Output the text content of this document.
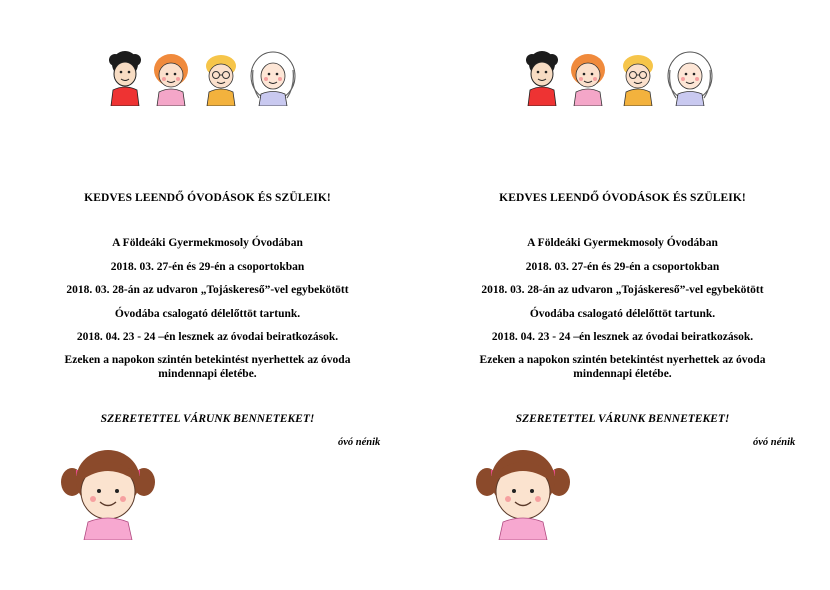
KEDVES LEENDŐ ÓVODÁSOK ÉS SZÜLEIK!
A Földeáki Gyermekmosoly Óvodában
2018. 03. 27-én és 29-én a csoportokban
2018. 03. 28-án az udvaron „Tojáskereső”-vel egybekötött
Óvodába csalogató délelőttöt tartunk.
2018. 04. 23 - 24 –én lesznek az óvodai beiratkozások.
Ezeken a napokon szintén betekintést nyerhettek az óvoda
mindennapi életébe.
SZERETETTEL VÁRUNK BENNETEKET!
óvó nénik
KEDVES LEENDŐ ÓVODÁSOK ÉS SZÜLEIK!
A Földeáki Gyermekmosoly Óvodában
2018. 03. 27-én és 29-én a csoportokban
2018. 03. 28-án az udvaron „Tojáskereső”-vel egybekötött
Óvodába csalogató délelőttöt tartunk.
2018. 04. 23 - 24 –én lesznek az óvodai beiratkozások.
Ezeken a napokon szintén betekintést nyerhettek az óvoda
mindennapi életébe.
SZERETETTEL VÁRUNK BENNETEKET!
óvó nénik
